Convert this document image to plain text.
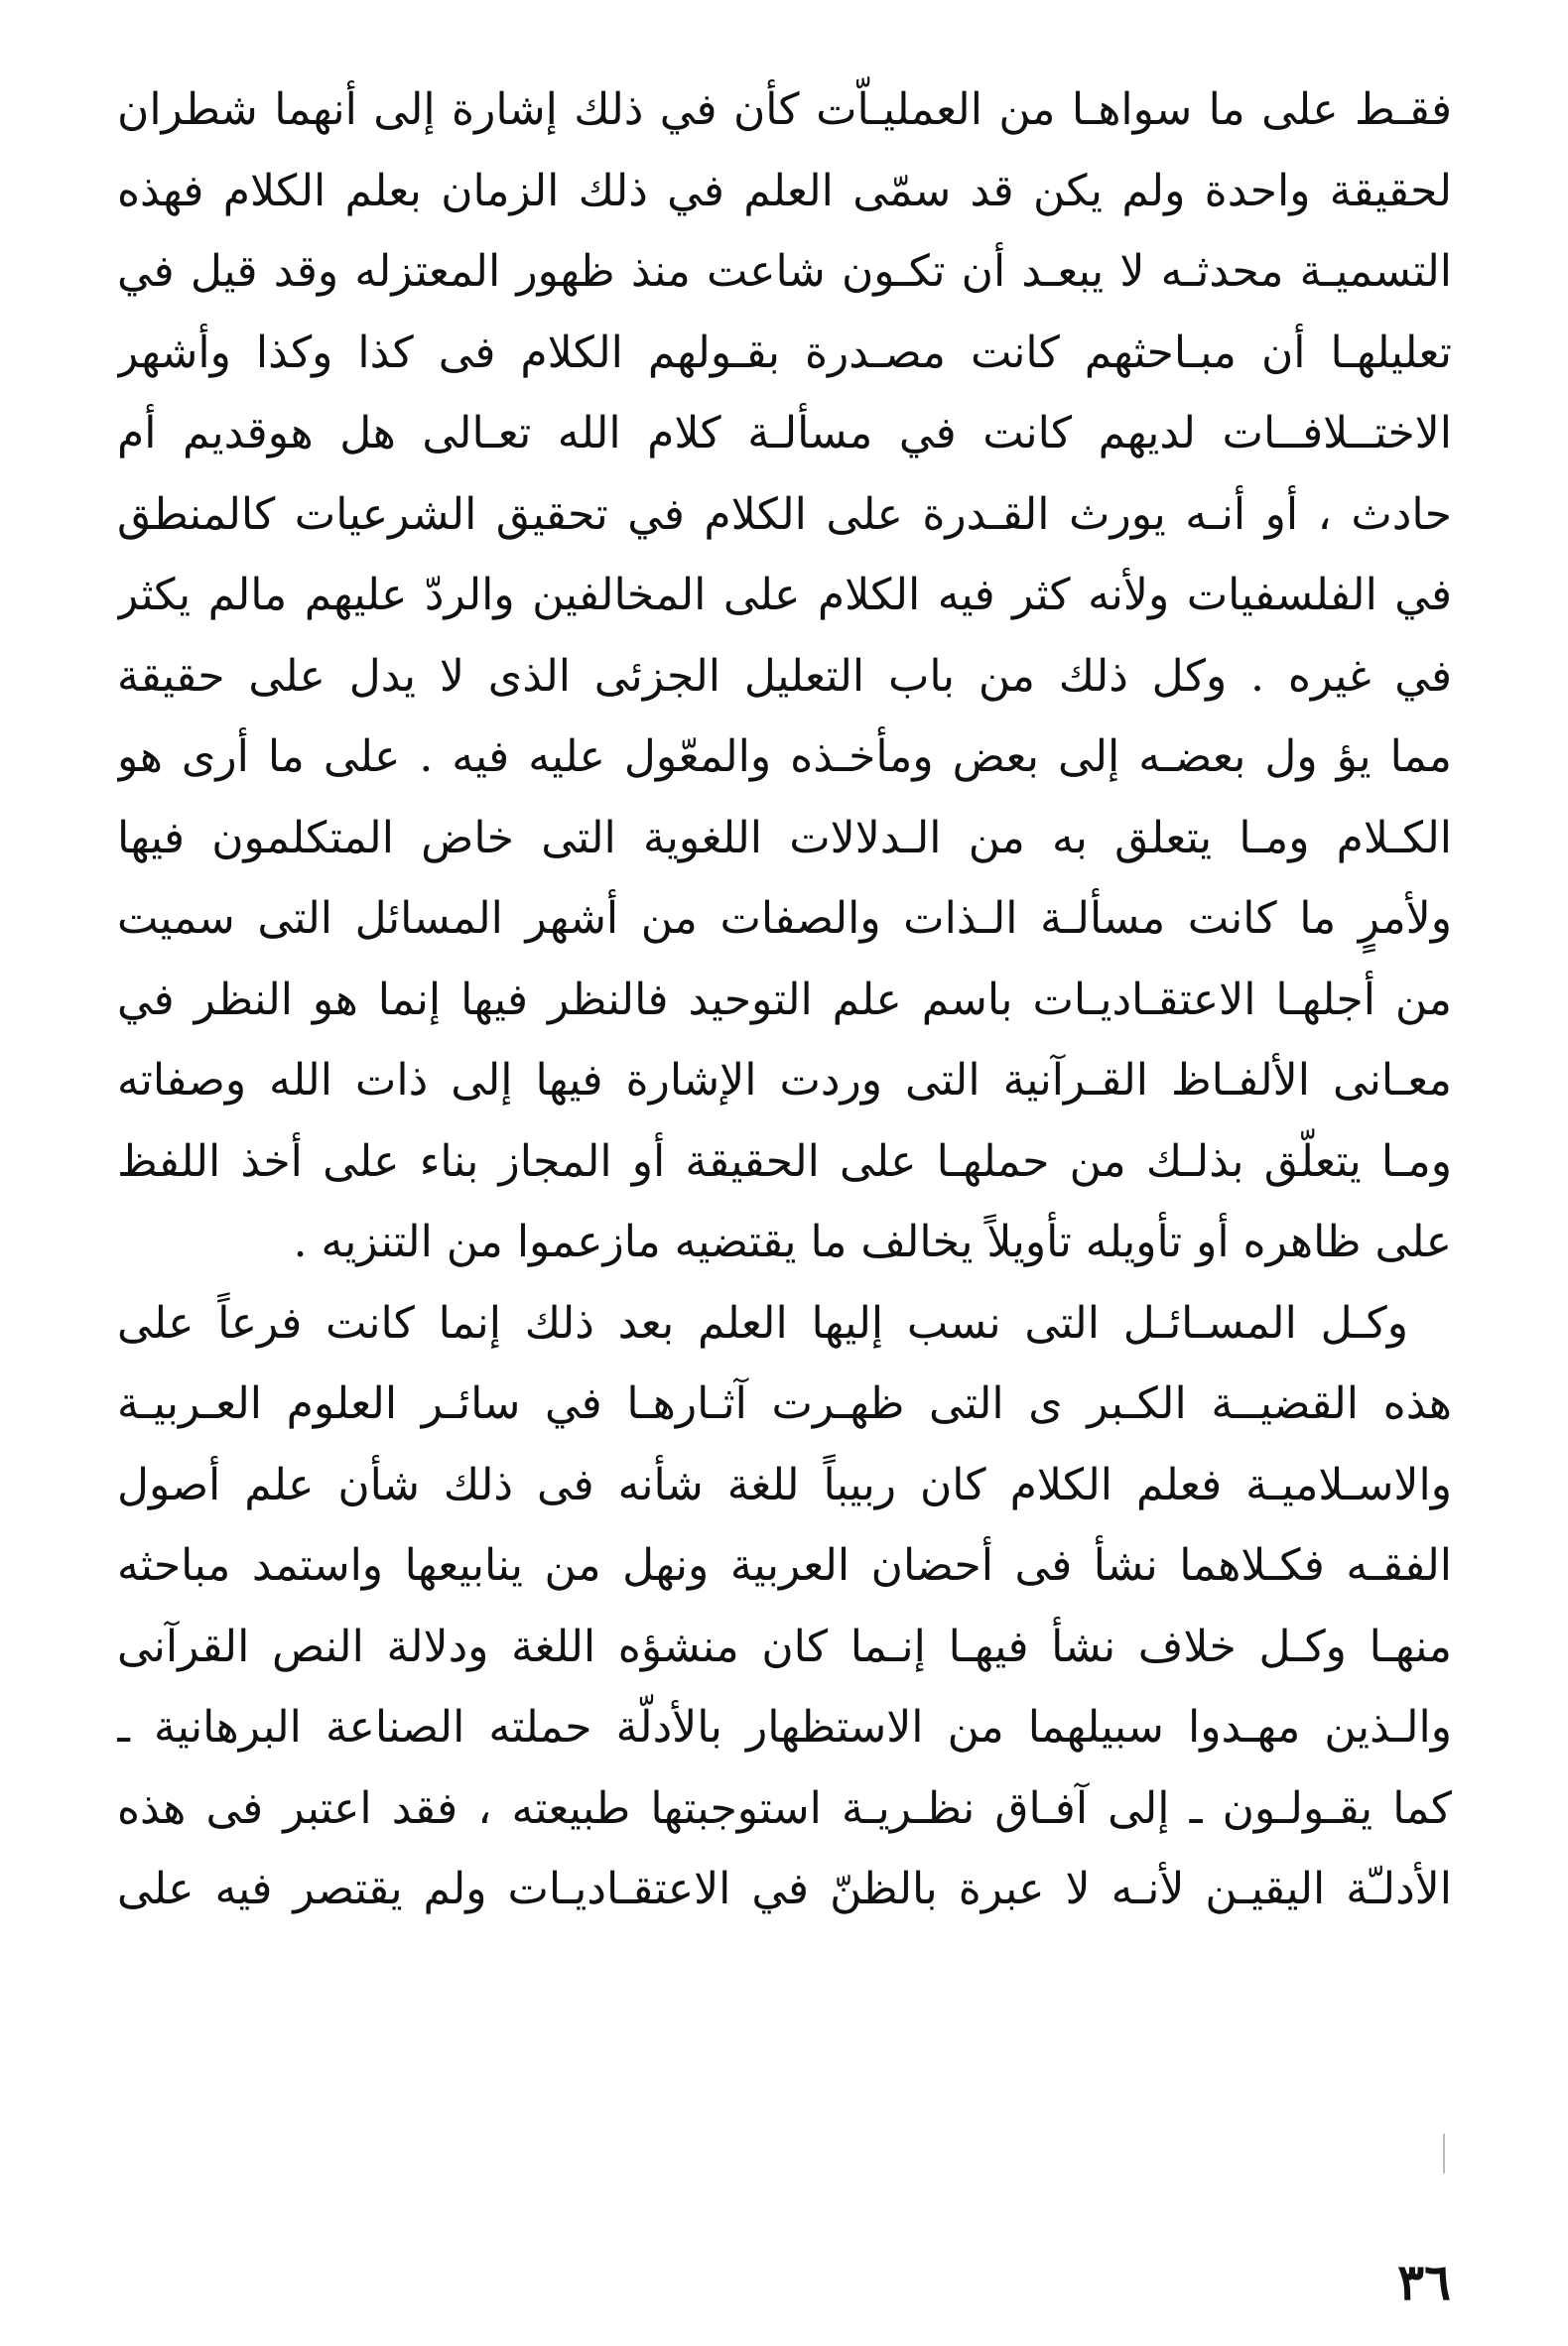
فقـط على ما سواهـا من العمليـاّت كأن في ذلك إشارة إلى أنهما شطران
لحقيقة واحدة ولم يكن قد سمّى العلم في ذلك الزمان بعلم الكلام فهذه
التسميـة محدثـه لا يبعـد أن تكـون شاعت منذ ظهور المعتزله وقد قيل في
تعليلهـا أن مبـاحثهم كانت مصـدرة بقـولهم الكلام فى كذا وكذا وأشهر
الاختــلافــات لديهم كانت في مسألـة كلام الله تعـالى هل هوقديم أم
حادث ، أو أنـه يورث القـدرة على الكلام في تحقيق الشرعيات كالمنطق
في الفلسفيات ولأنه كثر فيه الكلام على المخالفين والردّ عليهم مالم يكثر
في غيره . وكل ذلك من باب التعليل الجزئى الذى لا يدل على حقيقة
مما يؤ ول بعضـه إلى بعض ومأخـذه والمعّول عليه فيه . على ما أرى هو
الكـلام ومـا يتعلق به من الـدلالات اللغوية التى خاض المتكلمون فيها
ولأمرٍ ما كانت مسألـة الـذات والصفات من أشهر المسائل التى سميت
من أجلهـا الاعتقـاديـات باسم علم التوحيد فالنظر فيها إنما هو النظر في
معـانى الألفـاظ القـرآنية التى وردت الإشارة فيها إلى ذات الله وصفاته
ومـا يتعلّق بذلـك من حملهـا على الحقيقة أو المجاز بناء على أخذ اللفظ
على ظاهره أو تأويله تأويلاً يخالف ما يقتضيه مازعموا من التنزيه .
وكـل المسـائـل التى نسب إليها العلم بعد ذلك إنما كانت فرعاً على
هذه القضيــة الكـبر ى التى ظهـرت آثـارهـا في سائـر العلوم العـربيـة
والاسـلاميـة فعلم الكلام كان ربيباً للغة شأنه فى ذلك شأن علم أصول
الفقـه فكـلاهما نشأ فى أحضان العربية ونهل من ينابيعها واستمد مباحثه
منهـا وكـل خلاف نشأ فيهـا إنـما كان منشؤه اللغة ودلالة النص القرآنى
والـذين مهـدوا سبيلهما من الاستظهار بالأدلّة حملته الصناعة البرهانية ـ
كما يقـولـون ـ إلى آفـاق نظـريـة استوجبتها طبيعته ، فقد اعتبر فى هذه
الأدلـّة اليقيـن لأنـه لا عبرة بالظنّ في الاعتقـاديـات ولم يقتصر فيه على
٣٦
